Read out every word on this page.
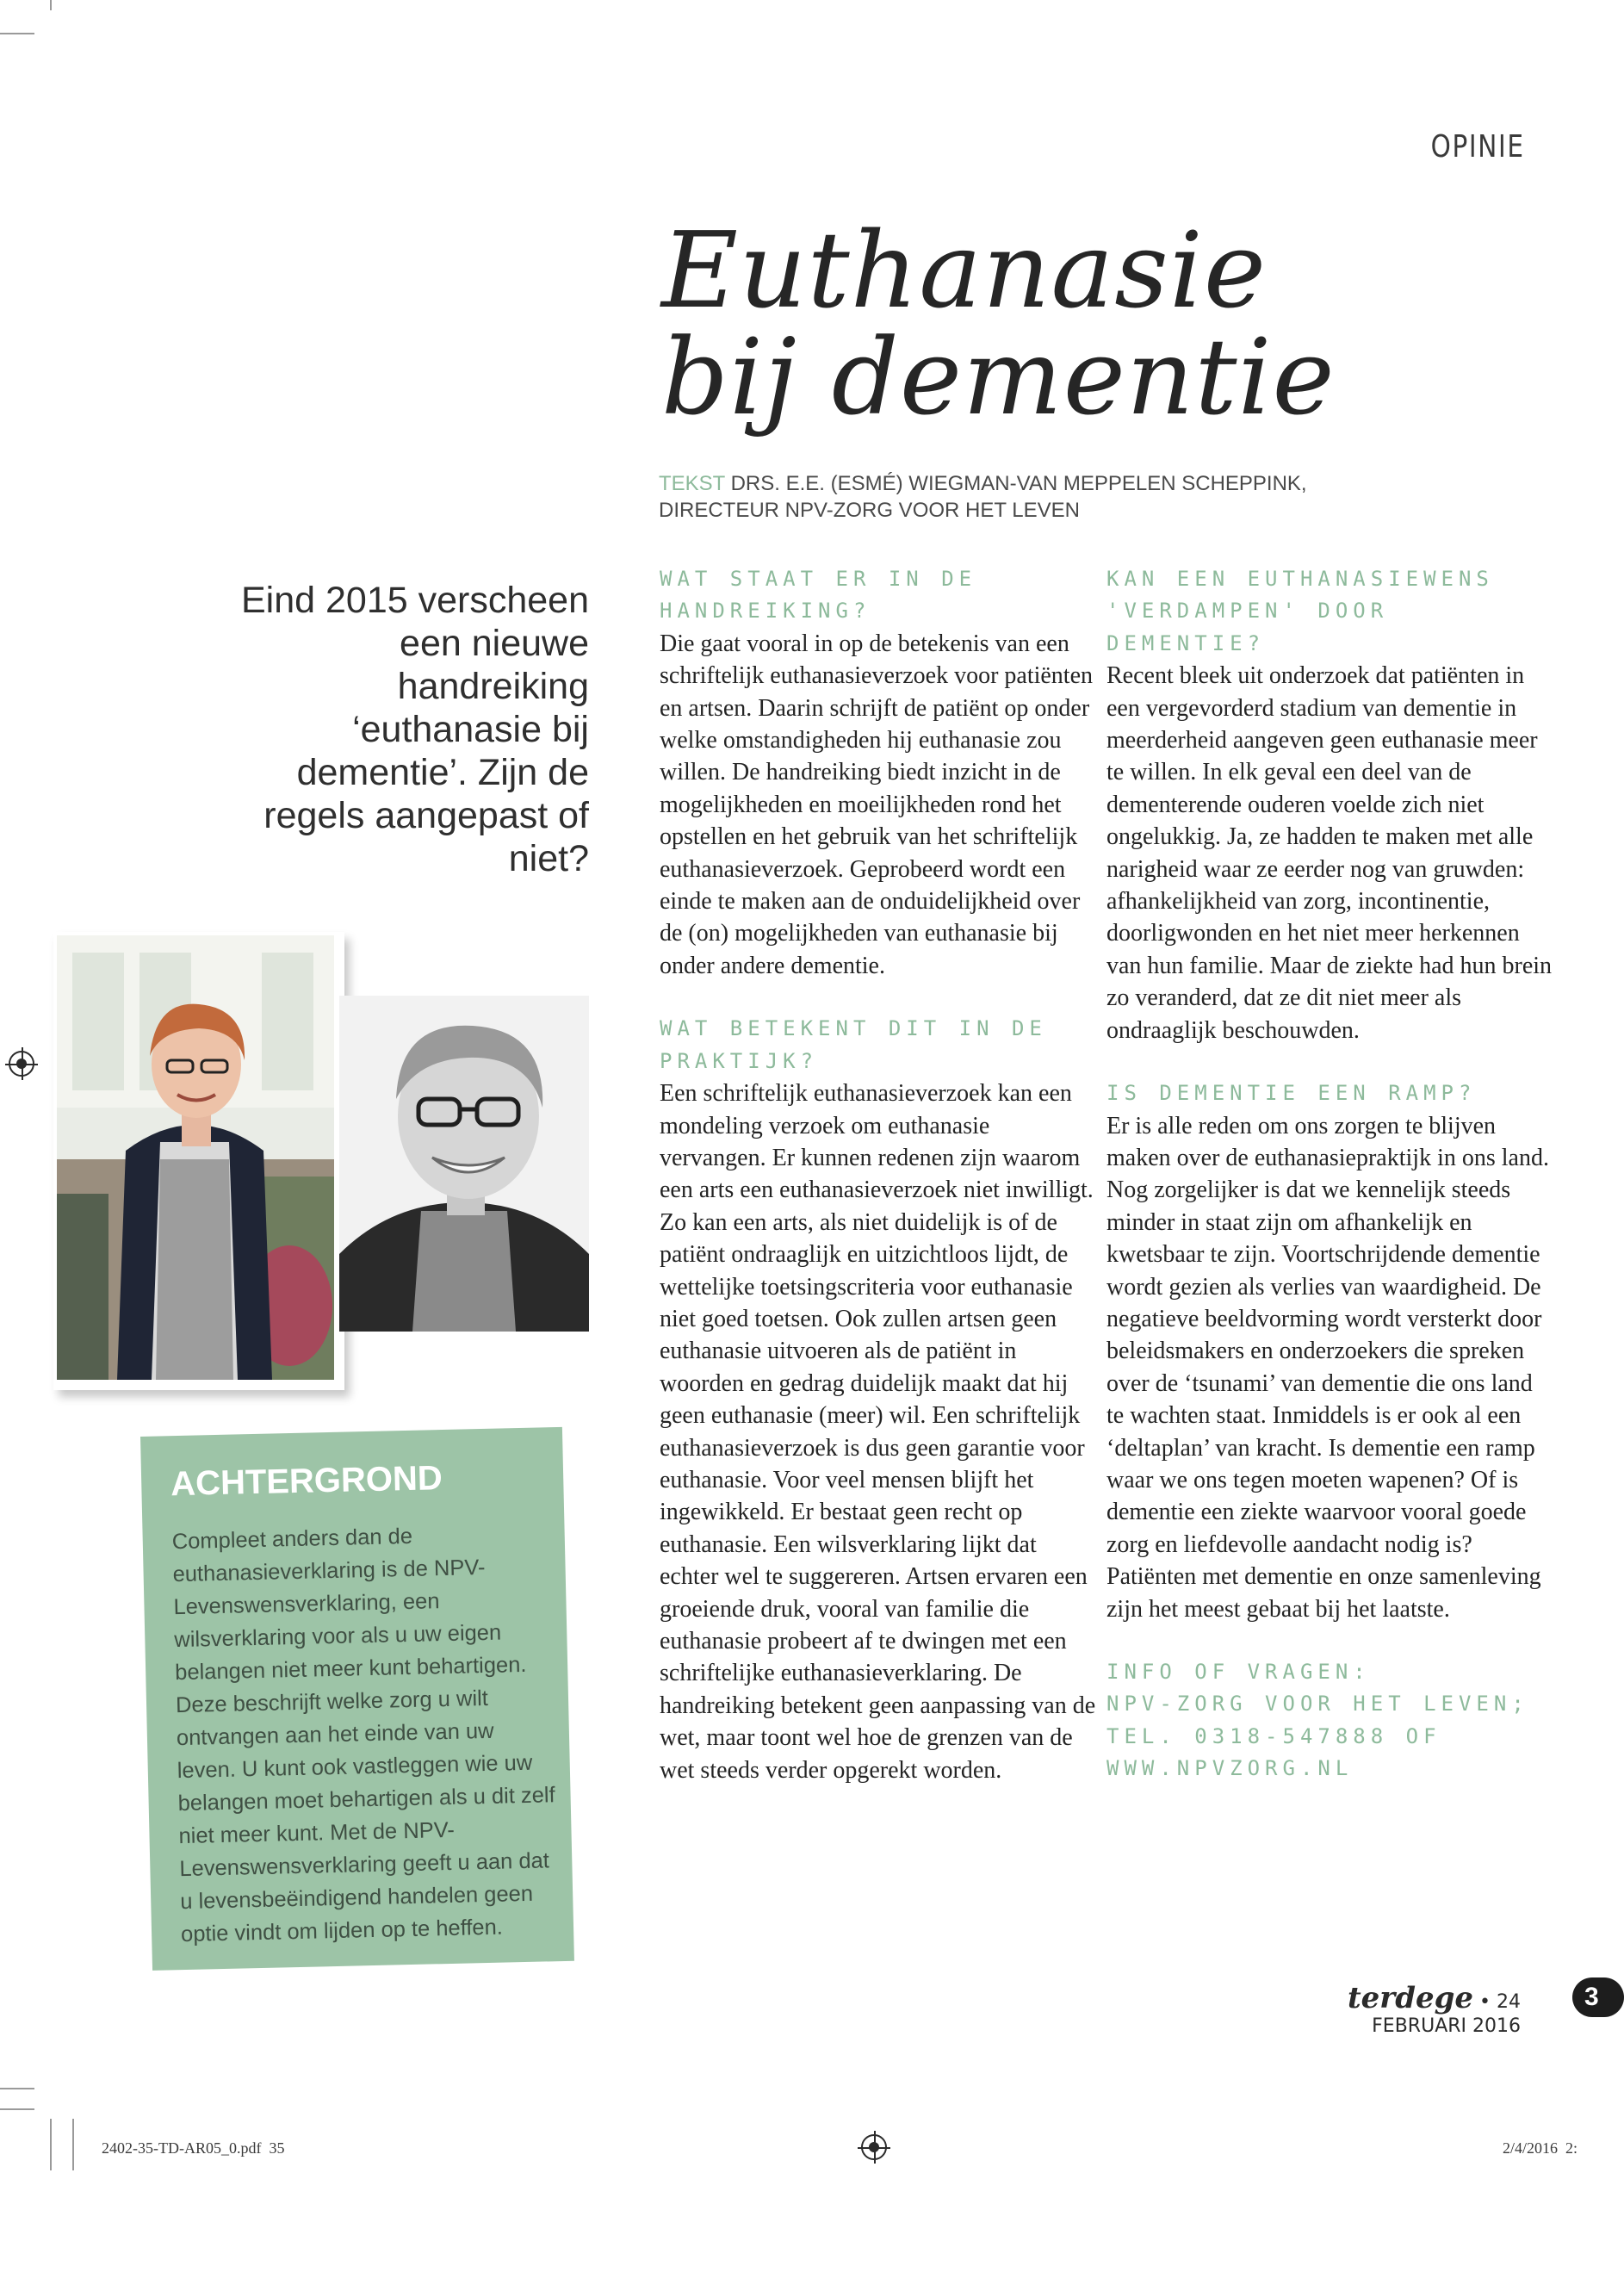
OPINIE
Euthanasie
bij dementie
TEKST DRS. E.E. (ESMÉ) WIEGMAN-VAN MEPPELEN SCHEPPINK,
DIRECTEUR NPV-ZORG VOOR HET LEVEN
Eind 2015 verscheen een nieuwe handreiking ‘euthanasie bij dementie’. Zijn de regels aangepast of niet?
ACHTERGROND
Compleet anders dan de euthanasieverklaring is de NPV-Levenswensverklaring, een wilsverklaring voor als u uw eigen belangen niet meer kunt behartigen. Deze beschrijft welke zorg u wilt ontvangen aan het einde van uw leven. U kunt ook vastleggen wie uw belangen moet behartigen als u dit zelf niet meer kunt. Met de NPV-Levenswensverklaring geeft u aan dat u levensbeëindigend handelen geen optie vindt om lijden op te heffen.
WAT STAAT ER IN DE HANDREIKING?

Die gaat vooral in op de betekenis van een schriftelijk euthanasieverzoek voor patiënten en artsen. Daarin schrijft de patiënt op onder welke omstandigheden hij euthanasie zou willen. De handreiking biedt inzicht in de mogelijkheden en moeilijkheden rond het opstellen en het gebruik van het schriftelijk euthanasieverzoek. Geprobeerd wordt een einde te maken aan de onduidelijkheid over de (on) mogelijkheden van euthanasie bij onder andere dementie.

WAT BETEKENT DIT IN DE PRAKTIJK?

Een schriftelijk euthanasieverzoek kan een mondeling verzoek om euthanasie vervangen. Er kunnen redenen zijn waarom een arts een euthanasieverzoek niet inwilligt. Zo kan een arts, als niet duidelijk is of de patiënt ondraaglijk en uitzichtloos lijdt, de wettelijke toetsingscriteria voor euthanasie niet goed toetsen. Ook zullen artsen geen euthanasie uitvoeren als de patiënt in woorden en gedrag duidelijk maakt dat hij geen euthanasie (meer) wil. Een schriftelijk euthanasieverzoek is dus geen garantie voor euthanasie. Voor veel mensen blijft het ingewikkeld. Er bestaat geen recht op euthanasie. Een wilsverklaring lijkt dat echter wel te suggereren. Artsen ervaren een groeiende druk, vooral van familie die euthanasie probeert af te dwingen met een schriftelijke euthanasieverklaring. De handreiking betekent geen aanpassing van de wet, maar toont wel hoe de grenzen van de wet steeds verder opgerekt worden.

KAN EEN EUTHANASIEWENS 'VERDAMPEN' DOOR DEMENTIE?

Recent bleek uit onderzoek dat patiënten in een vergevorderd stadium van dementie in meerderheid aangeven geen euthanasie meer te willen. In elk geval een deel van de dementerende ouderen voelde zich niet ongelukkig. Ja, ze hadden te maken met alle narigheid waar ze eerder nog van gruwden: afhankelijkheid van zorg, incontinentie, doorligwonden en het niet meer herkennen van hun familie. Maar de ziekte had hun brein zo veranderd, dat ze dit niet meer als ondraaglijk beschouwden.

IS DEMENTIE EEN RAMP?

Er is alle reden om ons zorgen te blijven maken over de euthanasiepraktijk in ons land. Nog zorgelijker is dat we kennelijk steeds minder in staat zijn om afhankelijk en kwetsbaar te zijn. Voortschrijdende dementie wordt gezien als verlies van waardigheid. De negatieve beeldvorming wordt versterkt door beleidsmakers en onderzoekers die spreken over de ‘tsunami’ van dementie die ons land te wachten staat. Inmiddels is er ook al een ‘deltaplan’ van kracht. Is dementie een ramp waar we ons tegen moeten wapenen? Of is dementie een ziekte waarvoor vooral goede zorg en liefdevolle aandacht nodig is? Patiënten met dementie en onze samenleving zijn het meest gebaat bij het laatste.

INFO OF VRAGEN:
NPV-ZORG VOOR HET LEVEN;
TEL. 0318-547888 OF
WWW.NPVZORG.NL
terdege • 24 FEBRUARI 2016
3
2402-35-TD-AR05_0.pdf 35	2/4/2016 2:
